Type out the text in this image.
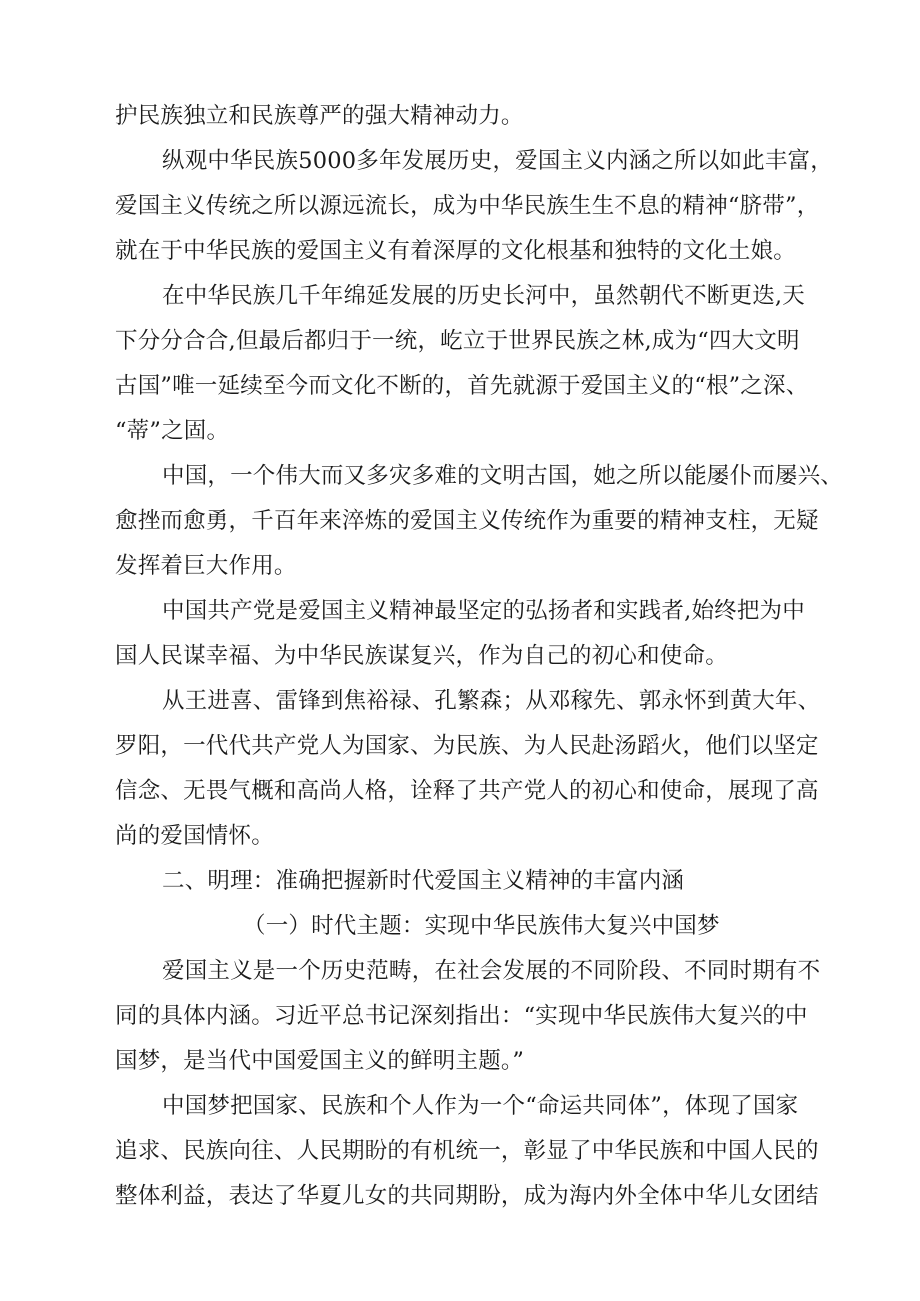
护民族独立和民族尊严的强大精神动力。
纵观中华民族5000多年发展历史，爱国主义内涵之所以如此丰富，
爱国主义传统之所以源远流长，成为中华民族生生不息的精神“脐带”，
就在于中华民族的爱国主义有着深厚的文化根基和独特的文化土娘。
在中华民族几千年绵延发展的历史长河中，虽然朝代不断更迭,天
下分分合合,但最后都归于一统，屹立于世界民族之林,成为“四大文明
古国”唯一延续至今而文化不断的，首先就源于爱国主义的“根”之深、
“蒂”之固。
中国，一个伟大而又多灾多难的文明古国，她之所以能屡仆而屡兴、
愈挫而愈勇，千百年来淬炼的爱国主义传统作为重要的精神支柱，无疑
发挥着巨大作用。
中国共产党是爱国主义精神最坚定的弘扬者和实践者,始终把为中
国人民谋幸福、为中华民族谋复兴，作为自己的初心和使命。
从王进喜、雷锋到焦裕禄、孔繁森；从邓稼先、郭永怀到黄大年、
罗阳，一代代共产党人为国家、为民族、为人民赴汤蹈火，他们以坚定
信念、无畏气概和高尚人格，诠释了共产党人的初心和使命，展现了高
尚的爱国情怀。
二、明理：准确把握新时代爱国主义精神的丰富内涵
（一）时代主题：实现中华民族伟大复兴中国梦
爱国主义是一个历史范畴，在社会发展的不同阶段、不同时期有不
同的具体内涵。习近平总书记深刻指出：“实现中华民族伟大复兴的中
国梦，是当代中国爱国主义的鲜明主题。”
中国梦把国家、民族和个人作为一个“命运共同体”，体现了国家
追求、民族向往、人民期盼的有机统一，彰显了中华民族和中国人民的
整体利益，表达了华夏儿女的共同期盼，成为海内外全体中华儿女团结
